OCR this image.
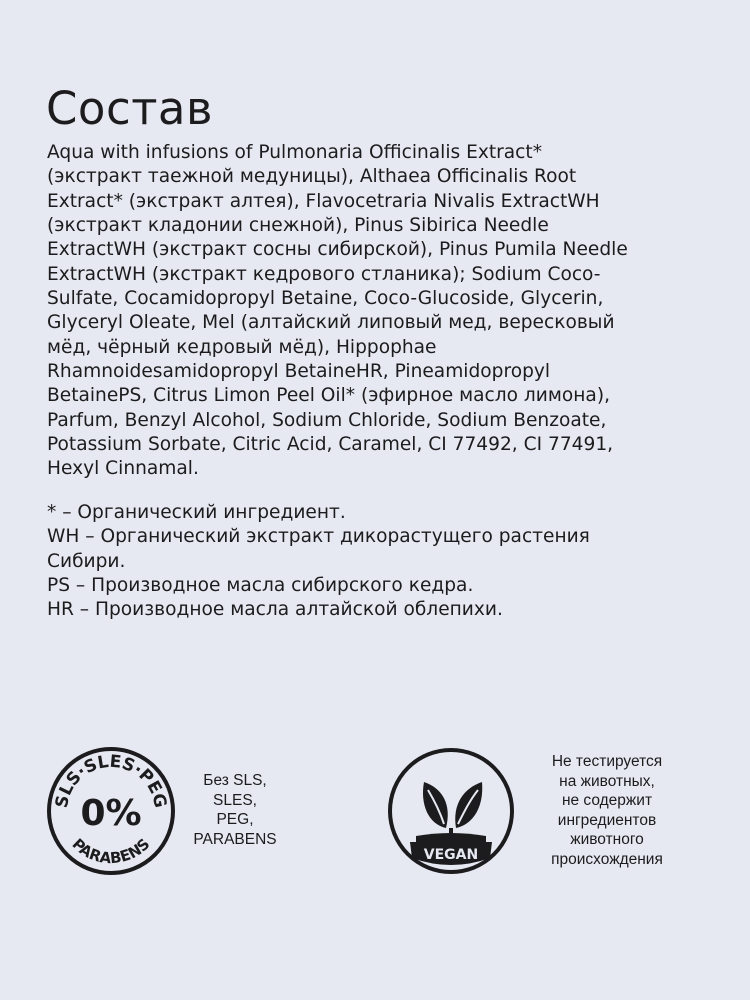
Состав

Aqua with infusions of Pulmonaria Officinalis Extract*
(экстракт таежной медуницы), Althaea Officinalis Root
Extract* (экстракт алтея), Flavocetraria Nivalis ExtractWH
(экстракт кладонии снежной), Pinus Sibirica Needle
ExtractWH (экстракт сосны сибирской), Pinus Pumila Needle
ExtractWH (экстракт кедрового стланика); Sodium Coco-
Sulfate, Cocamidopropyl Betaine, Coco-Glucoside, Glycerin,
Glyceryl Oleate, Mel (алтайский липовый мед, вересковый
мёд, чёрный кедровый мёд), Hippophae
Rhamnoidesamidopropyl BetaineHR, Pineamidopropyl
BetainePS, Citrus Limon Peel Oil* (эфирное масло лимона),
Parfum, Benzyl Alcohol, Sodium Chloride, Sodium Benzoate,
Potassium Sorbate, Citric Acid, Caramel, CI 77492, CI 77491,
Hexyl Cinnamal.

* – Органический ингредиент.
WH – Органический экстракт дикорастущего растения
Сибири.
PS – Производное масла сибирского кедра.
HR – Производное масла алтайской облепихи.
SLS·SLES·PEG
PARABENS
0%

Без SLS,
SLES,
PEG,
PARABENS

VEGAN

Не тестируется
на животных,
не содержит
ингредиентов
животного
происхождения
